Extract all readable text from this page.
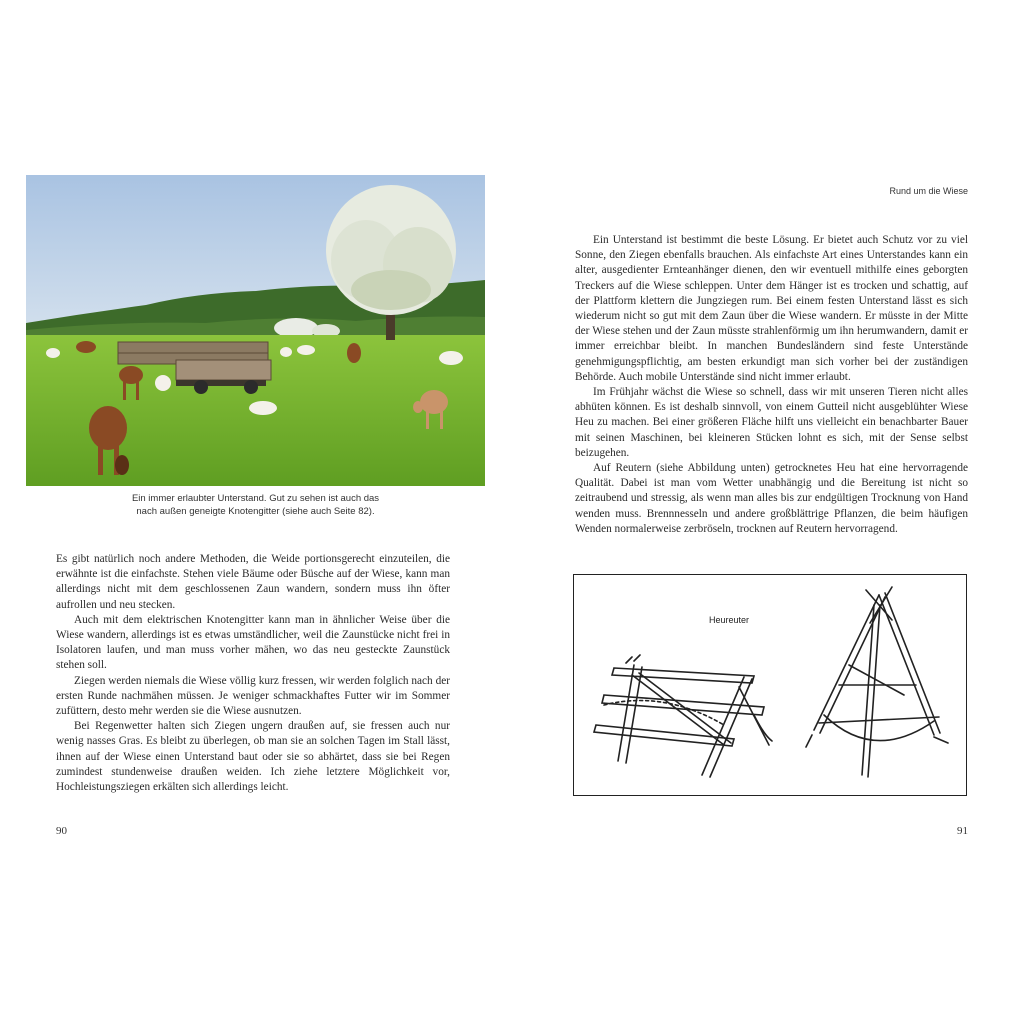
Ein immer erlaubter Unterstand. Gut zu sehen ist auch das
nach außen geneigte Knotengitter (siehe auch Seite 82).

Es gibt natürlich noch andere Methoden, die Weide portionsgerecht einzuteilen, die erwähnte ist die einfachste. Stehen viele Bäume oder Büsche auf der Wiese, kann man allerdings nicht mit dem geschlossenen Zaun wandern, sondern muss ihn öfter aufrollen und neu stecken.

Auch mit dem elektrischen Knotengitter kann man in ähnlicher Weise über die Wiese wandern, allerdings ist es etwas umständlicher, weil die Zaunstücke nicht frei in Isolatoren laufen, und man muss vorher mähen, wo das neu gesteckte Zaunstück stehen soll.

Ziegen werden niemals die Wiese völlig kurz fressen, wir werden folglich nach der ersten Runde nachmähen müssen. Je weniger schmackhaftes Futter wir im Sommer zufüttern, desto mehr werden sie die Wiese ausnutzen.

Bei Regenwetter halten sich Ziegen ungern draußen auf, sie fressen auch nur wenig nasses Gras. Es bleibt zu überlegen, ob man sie an solchen Tagen im Stall lässt, ihnen auf der Wiese einen Unterstand baut oder sie so abhärtet, dass sie bei Regen zumindest stundenweise draußen weiden. Ich ziehe letztere Möglichkeit vor, Hochleistungsziegen erkälten sich allerdings leicht.

90
Rund um die Wiese

Ein Unterstand ist bestimmt die beste Lösung. Er bietet auch Schutz vor zu viel Sonne, den Ziegen ebenfalls brauchen. Als einfachste Art eines Unterstandes kann ein alter, ausgedienter Ernteanhänger dienen, den wir eventuell mithilfe eines geborgten Treckers auf die Wiese schleppen. Unter dem Hänger ist es trocken und schattig, auf der Plattform klettern die Jungziegen rum. Bei einem festen Unterstand lässt es sich wiederum nicht so gut mit dem Zaun über die Wiese wandern. Er müsste in der Mitte der Wiese stehen und der Zaun müsste strahlenförmig um ihn herumwandern, damit er immer erreichbar bleibt. In manchen Bundesländern sind feste Unterstände genehmigungspflichtig, am besten erkundigt man sich vorher bei der zuständigen Behörde. Auch mobile Unterstände sind nicht immer erlaubt.

Im Frühjahr wächst die Wiese so schnell, dass wir mit unseren Tieren nicht alles abhüten können. Es ist deshalb sinnvoll, von einem Gutteil nicht ausgeblühter Wiese Heu zu machen. Bei einer größeren Fläche hilft uns vielleicht ein benachbarter Bauer mit seinen Maschinen, bei kleineren Stücken lohnt es sich, mit der Sense selbst beizugehen.

Auf Reutern (siehe Abbildung unten) getrocknetes Heu hat eine hervorragende Qualität. Dabei ist man vom Wetter unabhängig und die Bereitung ist nicht so zeitraubend und stressig, als wenn man alles bis zur endgültigen Trocknung von Hand wenden muss. Brennnesseln und andere großblättrige Pflanzen, die beim häufigen Wenden normalerweise zerbröseln, trocknen auf Reutern hervorragend.

Heureuter
91
